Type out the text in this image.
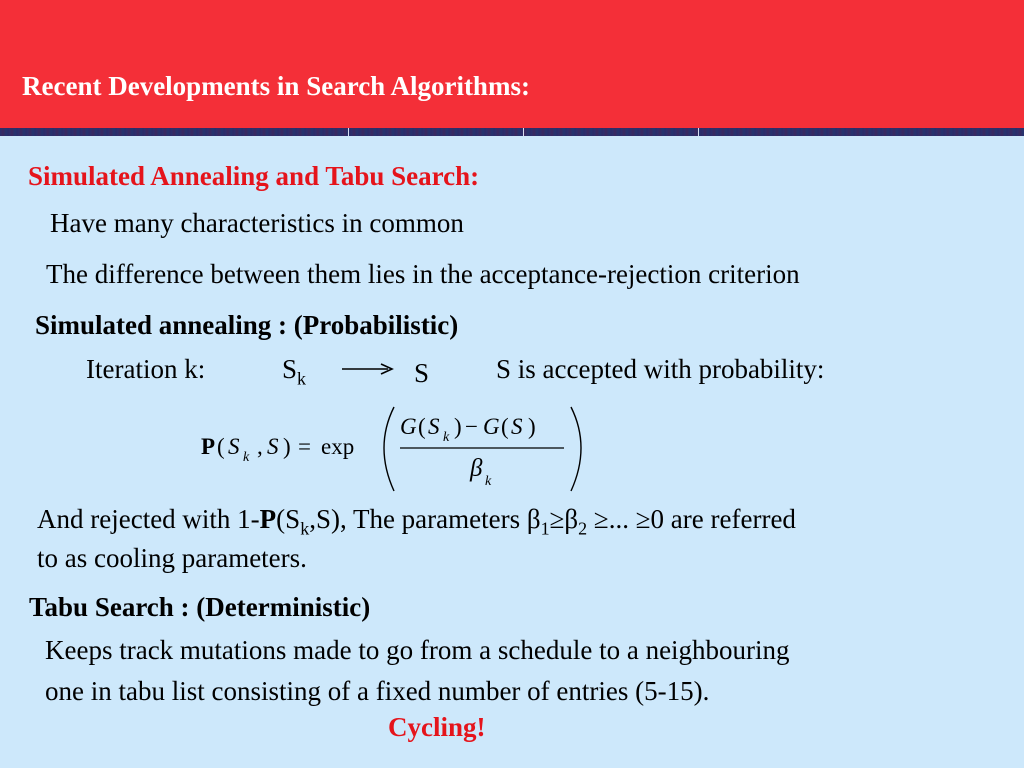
Recent Developments in Search Algorithms:
Simulated Annealing and Tabu Search:
Have many characteristics in common
The difference between them lies in the acceptance-rejection criterion
Simulated annealing : (Probabilistic)
Iteration k:	$S_k$	S S is accepted with probability:
P ( S k , S ) = exp
G ( S k ) − G ( S )
β k
And rejected with $1-P(S_k,S)$, The parameters $\beta_1\ge\beta_2$ ≥... ≥0 are referred
to as cooling parameters.
Tabu Search : (Deterministic)
Keeps track mutations made to go from a schedule to a neighbouring
one in tabu list consisting of a fixed number of entries (5-15).
Cycling!
